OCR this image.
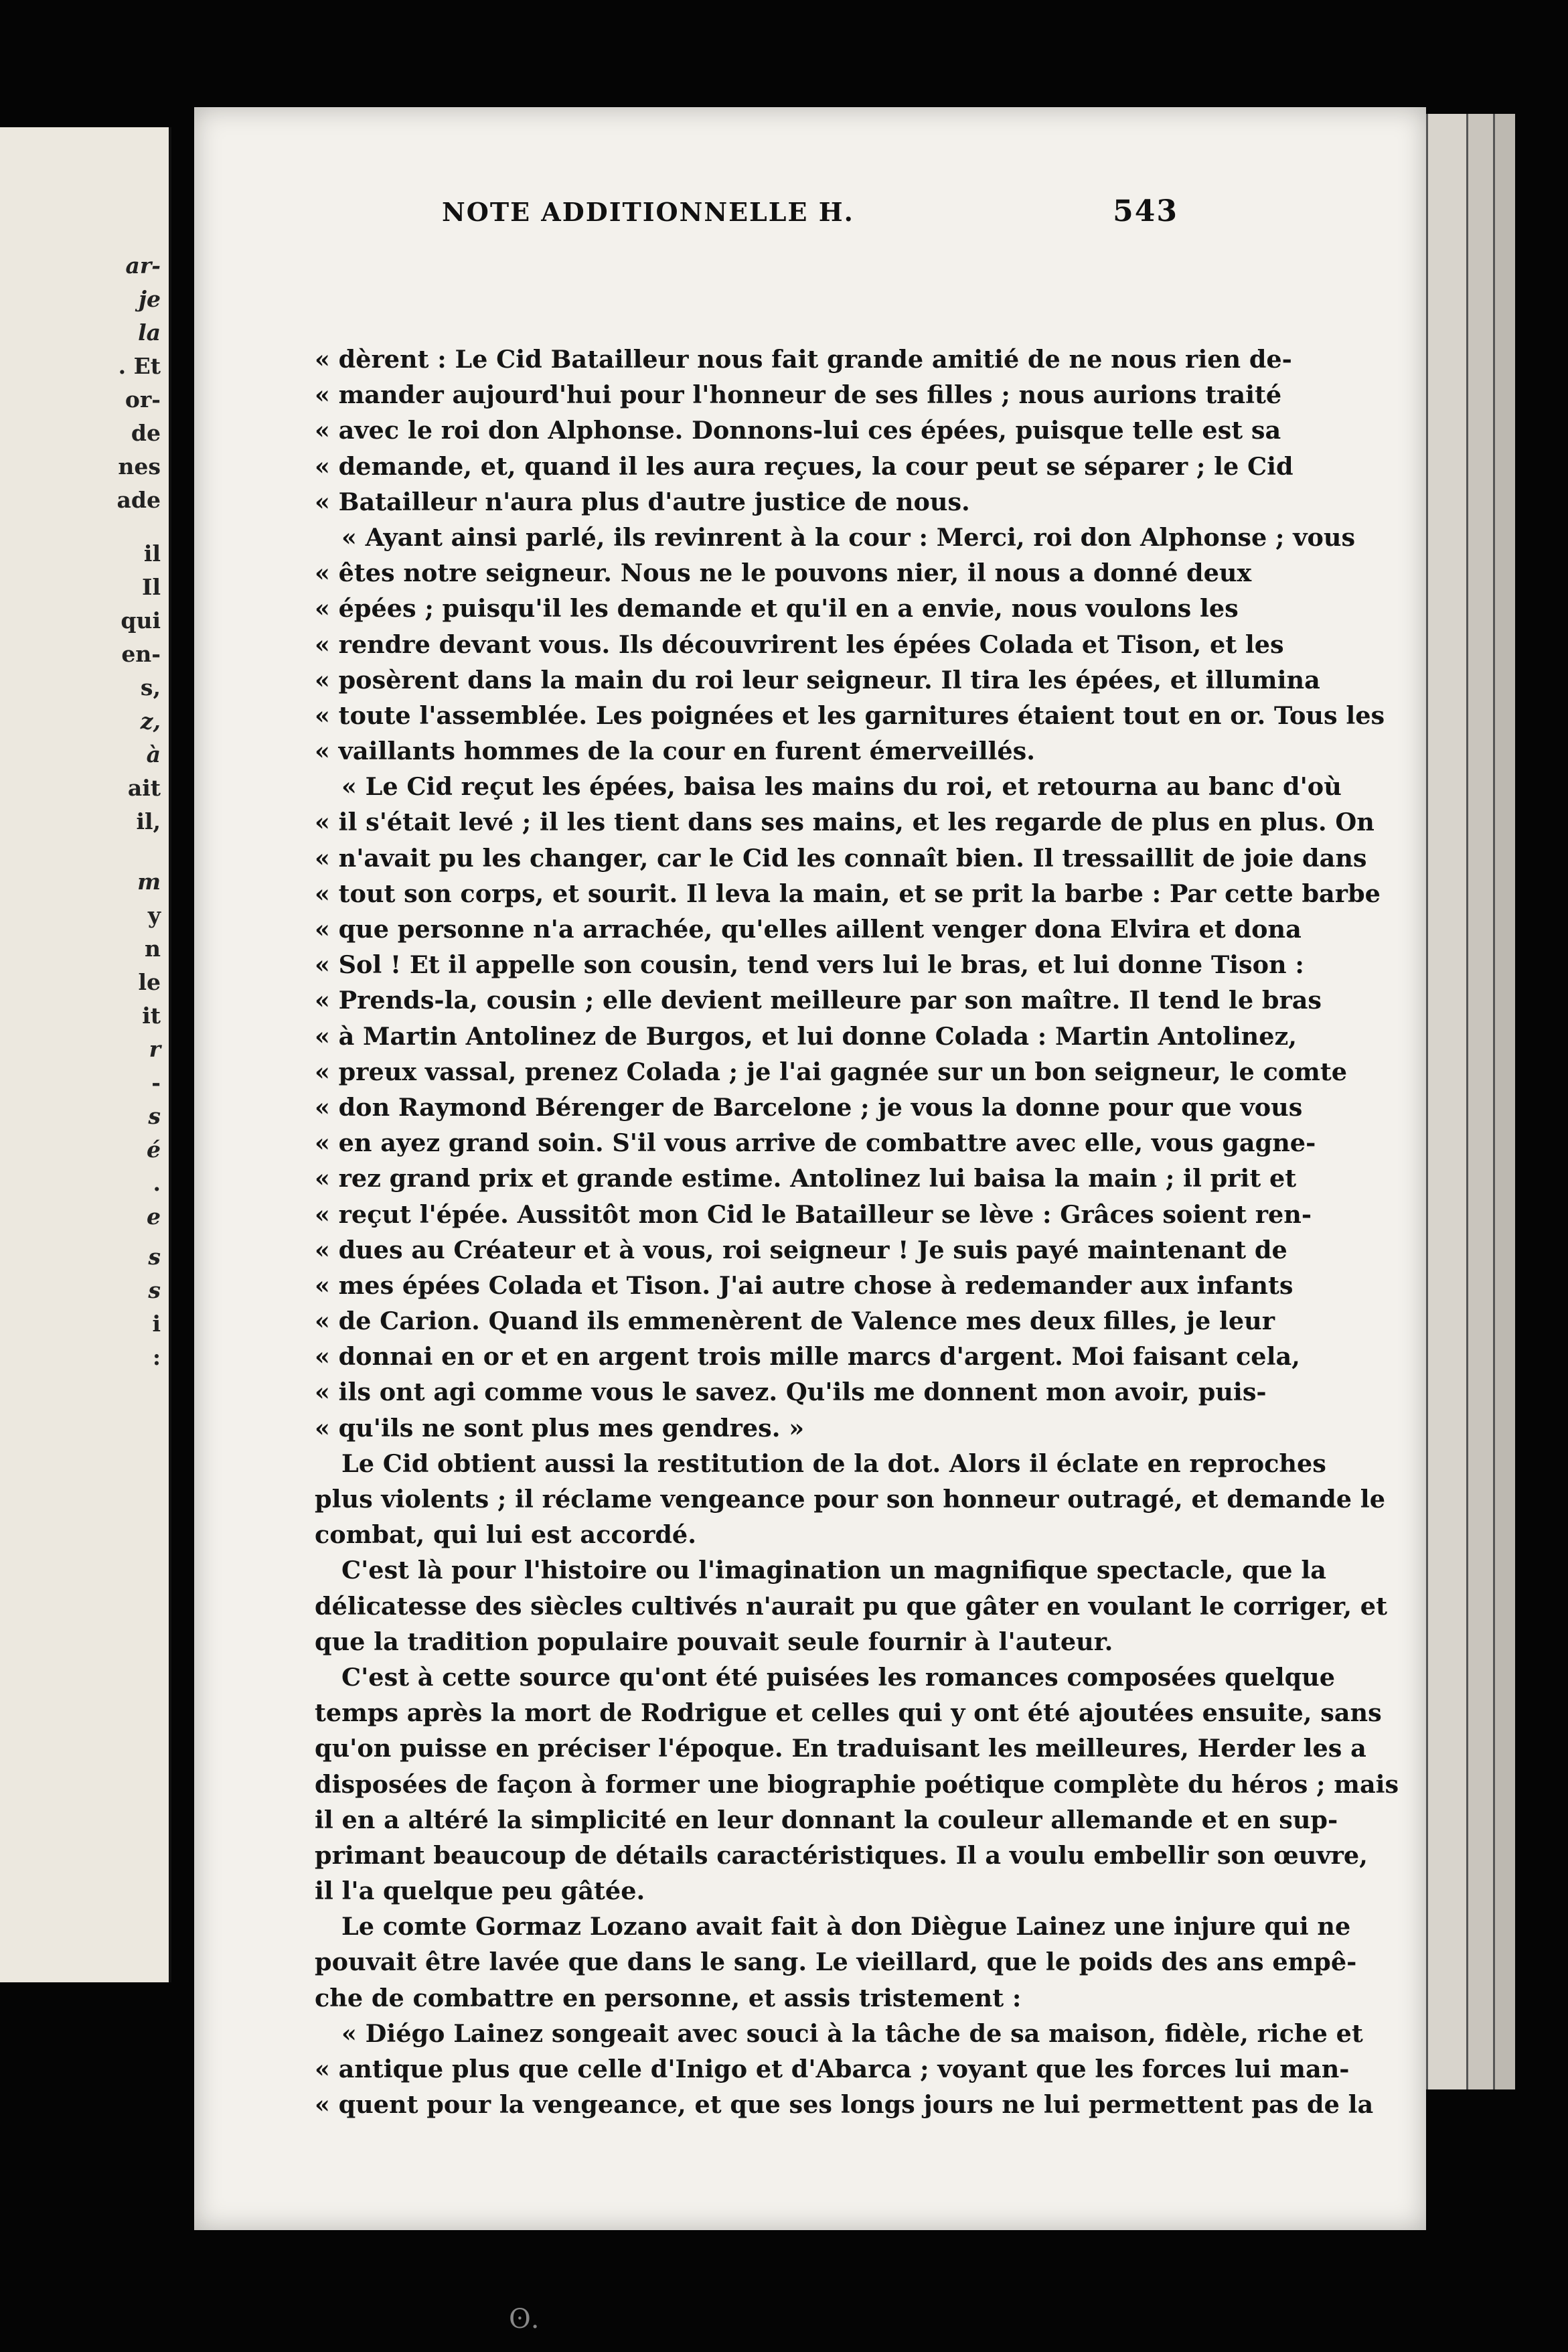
ar-
je
la
. Et
or-
de
nes
ade
il
Il
qui
en-
s,
z,
à
ait
il,
m
y
n
le
it
r
-
s
é
.
e
s
s
i
:
NOTE ADDITIONNELLE H.	543
« dèrent : Le Cid Batailleur nous fait grande amitié de ne nous rien de-
« mander aujourd'hui pour l'honneur de ses filles ; nous aurions traité
« avec le roi don Alphonse. Donnons-lui ces épées, puisque telle est sa
« demande, et, quand il les aura reçues, la cour peut se séparer ; le Cid
« Batailleur n'aura plus d'autre justice de nous.
« Ayant ainsi parlé, ils revinrent à la cour : Merci, roi don Alphonse ; vous
« êtes notre seigneur. Nous ne le pouvons nier, il nous a donné deux
« épées ; puisqu'il les demande et qu'il en a envie, nous voulons les
« rendre devant vous. Ils découvrirent les épées Colada et Tison, et les
« posèrent dans la main du roi leur seigneur. Il tira les épées, et illumina
« toute l'assemblée. Les poignées et les garnitures étaient tout en or. Tous les
« vaillants hommes de la cour en furent émerveillés.
« Le Cid reçut les épées, baisa les mains du roi, et retourna au banc d'où
« il s'était levé ; il les tient dans ses mains, et les regarde de plus en plus. On
« n'avait pu les changer, car le Cid les connaît bien. Il tressaillit de joie dans
« tout son corps, et sourit. Il leva la main, et se prit la barbe : Par cette barbe
« que personne n'a arrachée, qu'elles aillent venger dona Elvira et dona
« Sol ! Et il appelle son cousin, tend vers lui le bras, et lui donne Tison :
« Prends-la, cousin ; elle devient meilleure par son maître. Il tend le bras
« à Martin Antolinez de Burgos, et lui donne Colada : Martin Antolinez,
« preux vassal, prenez Colada ; je l'ai gagnée sur un bon seigneur, le comte
« don Raymond Bérenger de Barcelone ; je vous la donne pour que vous
« en ayez grand soin. S'il vous arrive de combattre avec elle, vous gagne-
« rez grand prix et grande estime. Antolinez lui baisa la main ; il prit et
« reçut l'épée. Aussitôt mon Cid le Batailleur se lève : Grâces soient ren-
« dues au Créateur et à vous, roi seigneur ! Je suis payé maintenant de
« mes épées Colada et Tison. J'ai autre chose à redemander aux infants
« de Carion. Quand ils emmenèrent de Valence mes deux filles, je leur
« donnai en or et en argent trois mille marcs d'argent. Moi faisant cela,
« ils ont agi comme vous le savez. Qu'ils me donnent mon avoir, puis-
« qu'ils ne sont plus mes gendres. »
Le Cid obtient aussi la restitution de la dot. Alors il éclate en reproches
plus violents ; il réclame vengeance pour son honneur outragé, et demande le
combat, qui lui est accordé.
C'est là pour l'histoire ou l'imagination un magnifique spectacle, que la
délicatesse des siècles cultivés n'aurait pu que gâter en voulant le corriger, et
que la tradition populaire pouvait seule fournir à l'auteur.
C'est à cette source qu'ont été puisées les romances composées quelque
temps après la mort de Rodrigue et celles qui y ont été ajoutées ensuite, sans
qu'on puisse en préciser l'époque. En traduisant les meilleures, Herder les a
disposées de façon à former une biographie poétique complète du héros ; mais
il en a altéré la simplicité en leur donnant la couleur allemande et en sup-
primant beaucoup de détails caractéristiques. Il a voulu embellir son œuvre,
il l'a quelque peu gâtée.
Le comte Gormaz Lozano avait fait à don Diègue Lainez une injure qui ne
pouvait être lavée que dans le sang. Le vieillard, que le poids des ans empê-
che de combattre en personne, et assis tristement :
« Diégo Lainez songeait avec souci à la tâche de sa maison, fidèle, riche et
« antique plus que celle d'Inigo et d'Abarca ; voyant que les forces lui man-
« quent pour la vengeance, et que ses longs jours ne lui permettent pas de la
ʘ.
